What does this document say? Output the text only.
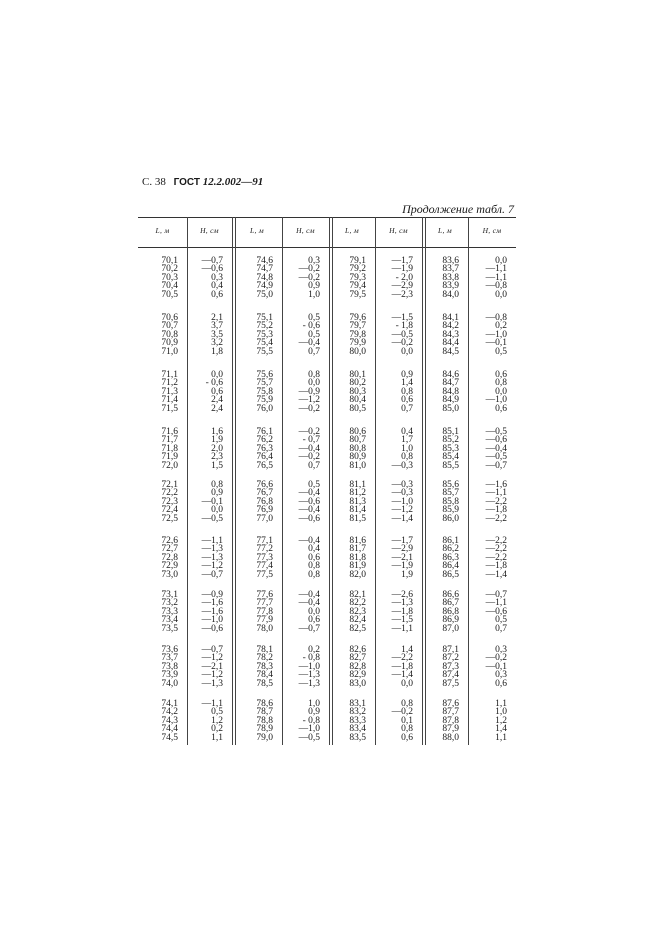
С. 38 ГОСТ 12.2.002—91
Продолжение табл. 7
L, м
70,1
70,2
70,3
70,4
70,5
70,6
70,7
70,8
70,9
71,0
71,1
71,2
71,3
71,4
71,5
71,6
71,7
71,8
71,9
72,0
72,1
72,2
72,3
72,4
72,5
72,6
72,7
72,8
72,9
73,0
73,1
73,2
73,3
73,4
73,5
73,6
73,7
73,8
73,9
74,0
74,1
74,2
74,3
74,4
74,5
H, см
—0,7
—0,6
0,3
0,4
0,6
2,1
3,7
3,5
3,2
1,8
0,0
- 0,6
0,6
2,4
2,4
1,6
1,9
2,0
2,3
1,5
0,8
0,9
—0,1
0,0
—0,5
—1,1
—1,3
—1,3
—1,2
—0,7
—0,9
—1,6
—1,6
—1,0
—0,6
—0,7
—1,2
—2,1
—1,2
—1,3
—1,1
0,5
1,2
0,2
1,1
L, м
74,6
74,7
74,8
74,9
75,0
75,1
75,2
75,3
75,4
75,5
75,6
75,7
75,8
75,9
76,0
76,1
76,2
76,3
76,4
76,5
76,6
76,7
76,8
76,9
77,0
77,1
77,2
77,3
77,4
77,5
77,6
77,7
77,8
77,9
78,0
78,1
78,2
78,3
78,4
78,5
78,6
78,7
78,8
78,9
79,0
H, см
0,3
—0,2
—0,2
0,9
1,0
0,5
- 0,6
0,5
—0,4
0,7
0,8
0,0
—0,9
—1,2
—0,2
—0,2
- 0,7
—0,4
—0,2
0,7
0,5
—0,4
—0,6
—0,4
—0,6
—0,4
0,4
0,6
0,8
0,8
—0,4
—0,4
0,0
0,6
—0,7
0,2
- 0,8
—1,0
—1,3
—1,3
1,0
0,9
- 0,8
—1,0
—0,5
L, м
79,1
79,2
79,3
79,4
79,5
79,6
79,7
79,8
79,9
80,0
80,1
80,2
80,3
80,4
80,5
80,6
80,7
80,8
80,9
81,0
81,1
81,2
81,3
81,4
81,5
81,6
81,7
81,8
81,9
82,0
82,1
82,2
82,3
82,4
82,5
82,6
82,7
82,8
82,9
83,0
83,1
83,2
83,3
83,4
83,5
H, см
—1,7
—1,9
- 2,0
—2,9
—2,3
—1,5
- 1,8
—0,5
—0,2
0,0
0,9
1,4
0,8
0,6
0,7
0,4
1,7
1,0
0,8
—0,3
—0,3
—0,3
—1,0
—1,2
—1,4
—1,7
—2,9
—2,1
—1,9
1,9
—2,6
—1,3
—1,8
—1,5
—1,1
1,4
—2,2
—1,8
—1,4
0,0
0,8
—0,2
0,1
0,8
0,6
L, м
83,6
83,7
83,8
83,9
84,0
84,1
84,2
84,3
84,4
84,5
84,6
84,7
84,8
84,9
85,0
85,1
85,2
85,3
85,4
85,5
85,6
85,7
85,8
85,9
86,0
86,1
86,2
86,3
86,4
86,5
86,6
86,7
86,8
86,9
87,0
87,1
87,2
87,3
87,4
87,5
87,6
87,7
87,8
87,9
88,0
H, см
0,0
—1,1
—1,1
—0,8
0,0
—0,8
0,2
—1,0
—0,1
0,5
0,6
0,8
0,0
—1,0
0,6
—0,5
—0,6
—0,4
—0,5
—0,7
—1,6
—1,1
—2,2
—1,8
—2,2
—2,2
—2,2
—2,2
—1,8
—1,4
—0,7
—1,1
—0,6
0,5
0,7
0,3
—0,2
—0,1
0,3
0,6
1,1
1,0
1,2
1,4
1,1
